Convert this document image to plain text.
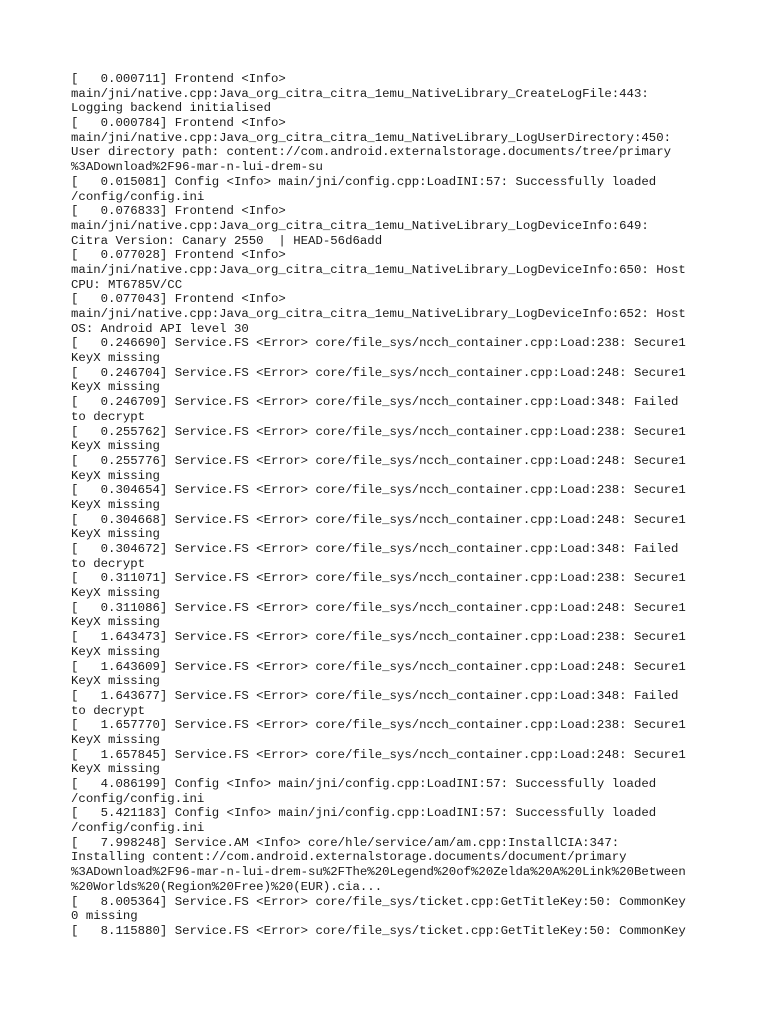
[   0.000711] Frontend <Info>
main/jni/native.cpp:Java_org_citra_citra_1emu_NativeLibrary_CreateLogFile:443:
Logging backend initialised
[   0.000784] Frontend <Info>
main/jni/native.cpp:Java_org_citra_citra_1emu_NativeLibrary_LogUserDirectory:450:
User directory path: content://com.android.externalstorage.documents/tree/primary
%3ADownload%2F96-mar-n-lui-drem-su
[   0.015081] Config <Info> main/jni/config.cpp:LoadINI:57: Successfully loaded
/config/config.ini
[   0.076833] Frontend <Info>
main/jni/native.cpp:Java_org_citra_citra_1emu_NativeLibrary_LogDeviceInfo:649:
Citra Version: Canary 2550  | HEAD-56d6add
[   0.077028] Frontend <Info>
main/jni/native.cpp:Java_org_citra_citra_1emu_NativeLibrary_LogDeviceInfo:650: Host
CPU: MT6785V/CC
[   0.077043] Frontend <Info>
main/jni/native.cpp:Java_org_citra_citra_1emu_NativeLibrary_LogDeviceInfo:652: Host
OS: Android API level 30
[   0.246690] Service.FS <Error> core/file_sys/ncch_container.cpp:Load:238: Secure1
KeyX missing
[   0.246704] Service.FS <Error> core/file_sys/ncch_container.cpp:Load:248: Secure1
KeyX missing
[   0.246709] Service.FS <Error> core/file_sys/ncch_container.cpp:Load:348: Failed
to decrypt
[   0.255762] Service.FS <Error> core/file_sys/ncch_container.cpp:Load:238: Secure1
KeyX missing
[   0.255776] Service.FS <Error> core/file_sys/ncch_container.cpp:Load:248: Secure1
KeyX missing
[   0.304654] Service.FS <Error> core/file_sys/ncch_container.cpp:Load:238: Secure1
KeyX missing
[   0.304668] Service.FS <Error> core/file_sys/ncch_container.cpp:Load:248: Secure1
KeyX missing
[   0.304672] Service.FS <Error> core/file_sys/ncch_container.cpp:Load:348: Failed
to decrypt
[   0.311071] Service.FS <Error> core/file_sys/ncch_container.cpp:Load:238: Secure1
KeyX missing
[   0.311086] Service.FS <Error> core/file_sys/ncch_container.cpp:Load:248: Secure1
KeyX missing
[   1.643473] Service.FS <Error> core/file_sys/ncch_container.cpp:Load:238: Secure1
KeyX missing
[   1.643609] Service.FS <Error> core/file_sys/ncch_container.cpp:Load:248: Secure1
KeyX missing
[   1.643677] Service.FS <Error> core/file_sys/ncch_container.cpp:Load:348: Failed
to decrypt
[   1.657770] Service.FS <Error> core/file_sys/ncch_container.cpp:Load:238: Secure1
KeyX missing
[   1.657845] Service.FS <Error> core/file_sys/ncch_container.cpp:Load:248: Secure1
KeyX missing
[   4.086199] Config <Info> main/jni/config.cpp:LoadINI:57: Successfully loaded
/config/config.ini
[   5.421183] Config <Info> main/jni/config.cpp:LoadINI:57: Successfully loaded
/config/config.ini
[   7.998248] Service.AM <Info> core/hle/service/am/am.cpp:InstallCIA:347:
Installing content://com.android.externalstorage.documents/document/primary
%3ADownload%2F96-mar-n-lui-drem-su%2FThe%20Legend%20of%20Zelda%20A%20Link%20Between
%20Worlds%20(Region%20Free)%20(EUR).cia...
[   8.005364] Service.FS <Error> core/file_sys/ticket.cpp:GetTitleKey:50: CommonKey
0 missing
[   8.115880] Service.FS <Error> core/file_sys/ticket.cpp:GetTitleKey:50: CommonKey
